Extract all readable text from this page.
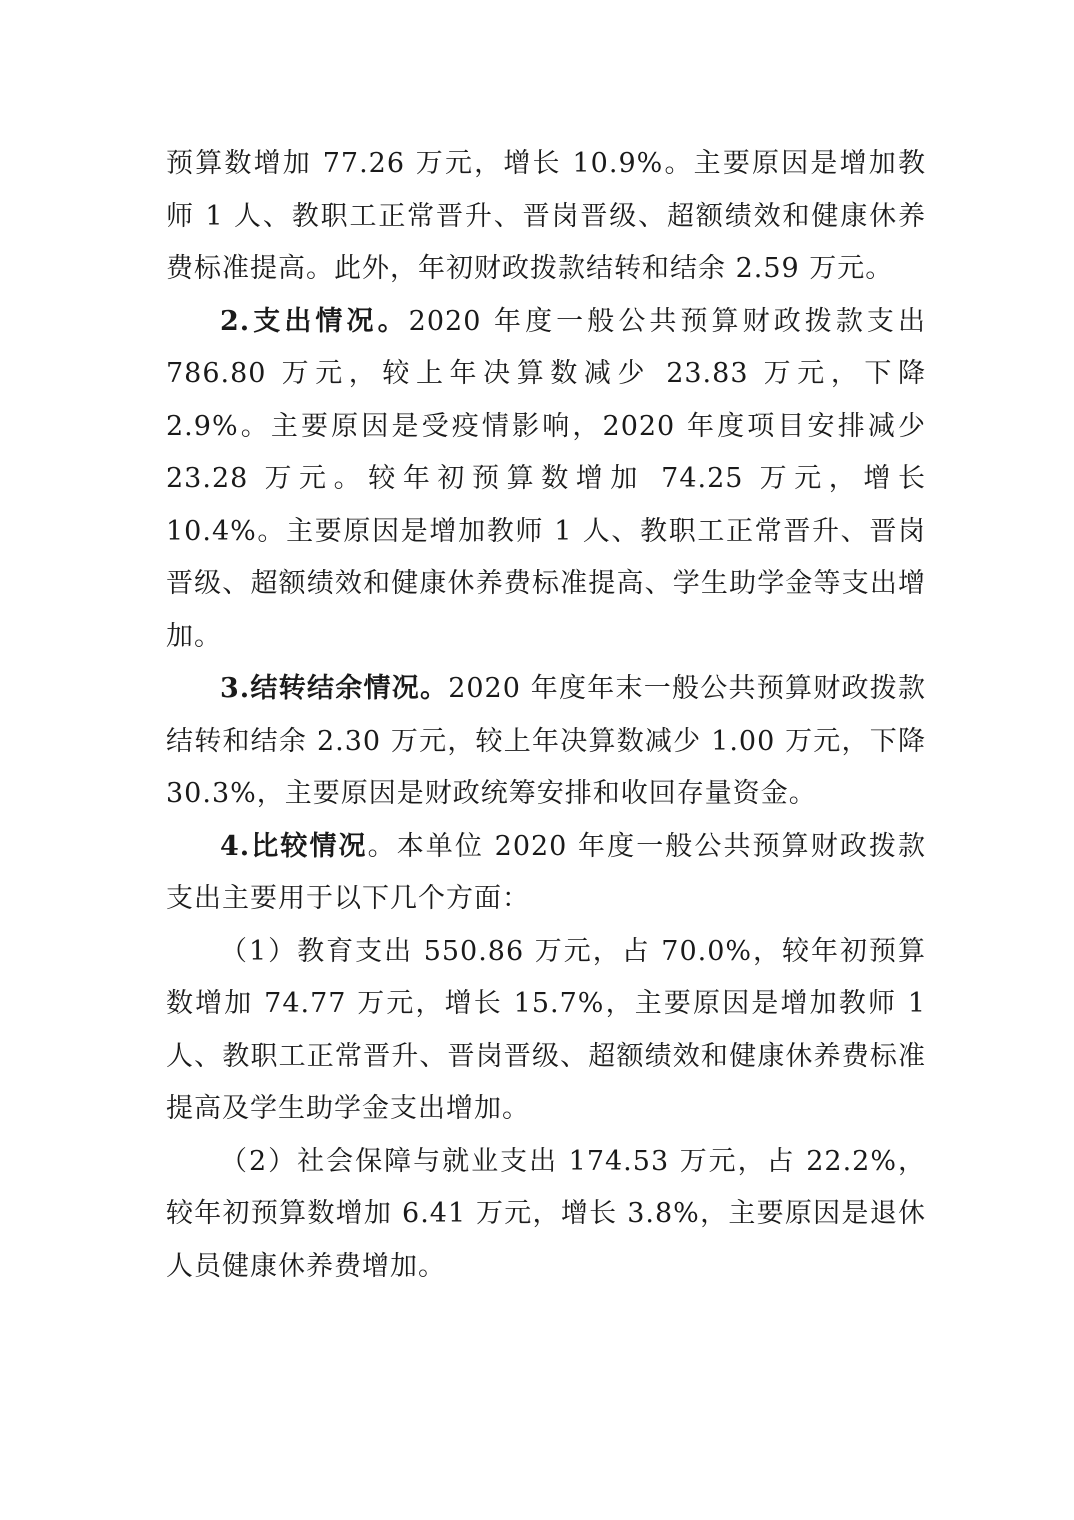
预算数增加 77.26 万元，增长 10.9%。主要原因是增加教师 1 人、教职工正常晋升、晋岗晋级、超额绩效和健康休养费标准提高。此外，年初财政拨款结转和结余 2.59 万元。

2.支出情况。2020 年度一般公共预算财政拨款支出 786.80 万元，较上年决算数减少 23.83 万元，下降 2.9%。主要原因是受疫情影响，2020 年度项目安排减少 23.28 万元。较年初预算数增加 74.25 万元，增长 10.4%。主要原因是增加教师 1 人、教职工正常晋升、晋岗晋级、超额绩效和健康休养费标准提高、学生助学金等支出增加。

3.结转结余情况。2020 年度年末一般公共预算财政拨款结转和结余 2.30 万元，较上年决算数减少 1.00 万元，下降 30.3%，主要原因是财政统筹安排和收回存量资金。

4.比较情况。本单位 2020 年度一般公共预算财政拨款支出主要用于以下几个方面：

（1）教育支出 550.86 万元，占 70.0%，较年初预算数增加 74.77 万元，增长 15.7%，主要原因是增加教师 1 人、教职工正常晋升、晋岗晋级、超额绩效和健康休养费标准提高及学生助学金支出增加。

（2）社会保障与就业支出 174.53 万元，占 22.2%，较年初预算数增加 6.41 万元，增长 3.8%，主要原因是退休人员健康休养费增加。
